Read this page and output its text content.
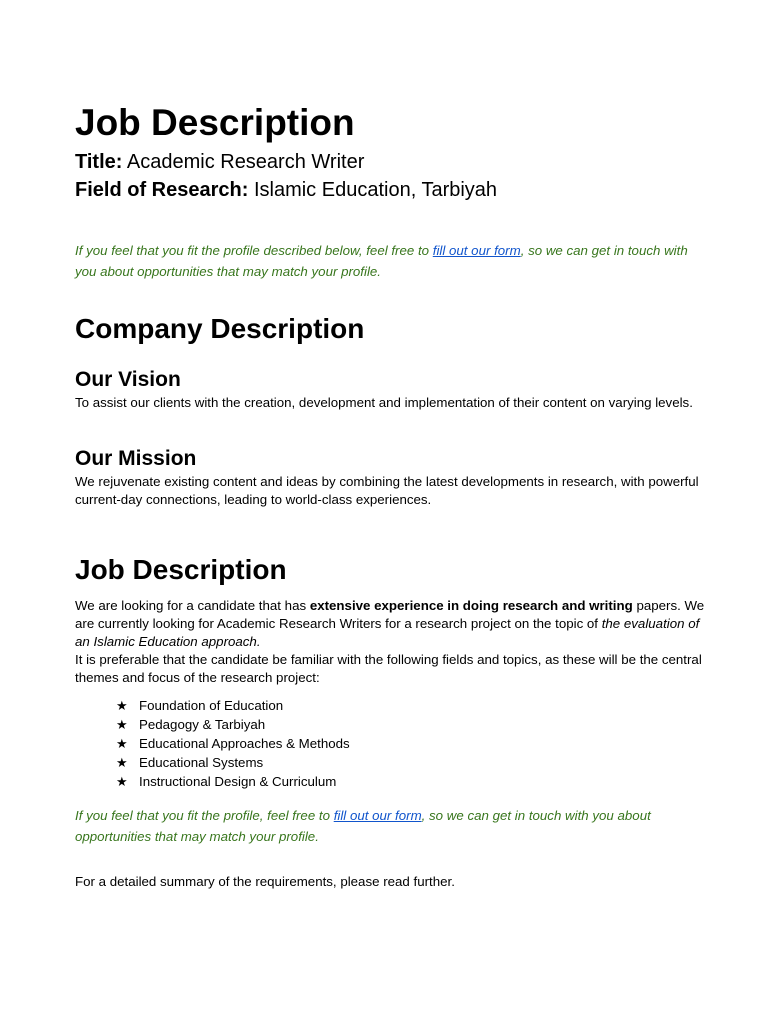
Job Description
Title: Academic Research Writer
Field of Research: Islamic Education, Tarbiyah
If you feel that you fit the profile described below, feel free to fill out our form, so we can get in touch with you about opportunities that may match your profile.
Company Description
Our Vision

To assist our clients with the creation, development and implementation of their content on varying levels.

Our Mission

We rejuvenate existing content and ideas by combining the latest developments in research, with powerful current-day connections, leading to world-class experiences.

Job Description

We are looking for a candidate that has extensive experience in doing research and writing papers. We are currently looking for Academic Research Writers for a research project on the topic of the evaluation of an Islamic Education approach.
It is preferable that the candidate be familiar with the following fields and topics, as these will be the central themes and focus of the research project:

★ Foundation of Education
★ Pedagogy & Tarbiyah
★ Educational Approaches & Methods
★ Educational Systems
★ Instructional Design & Curriculum
If you feel that you fit the profile, feel free to fill out our form, so we can get in touch with you about opportunities that may match your profile.

For a detailed summary of the requirements, please read further.
